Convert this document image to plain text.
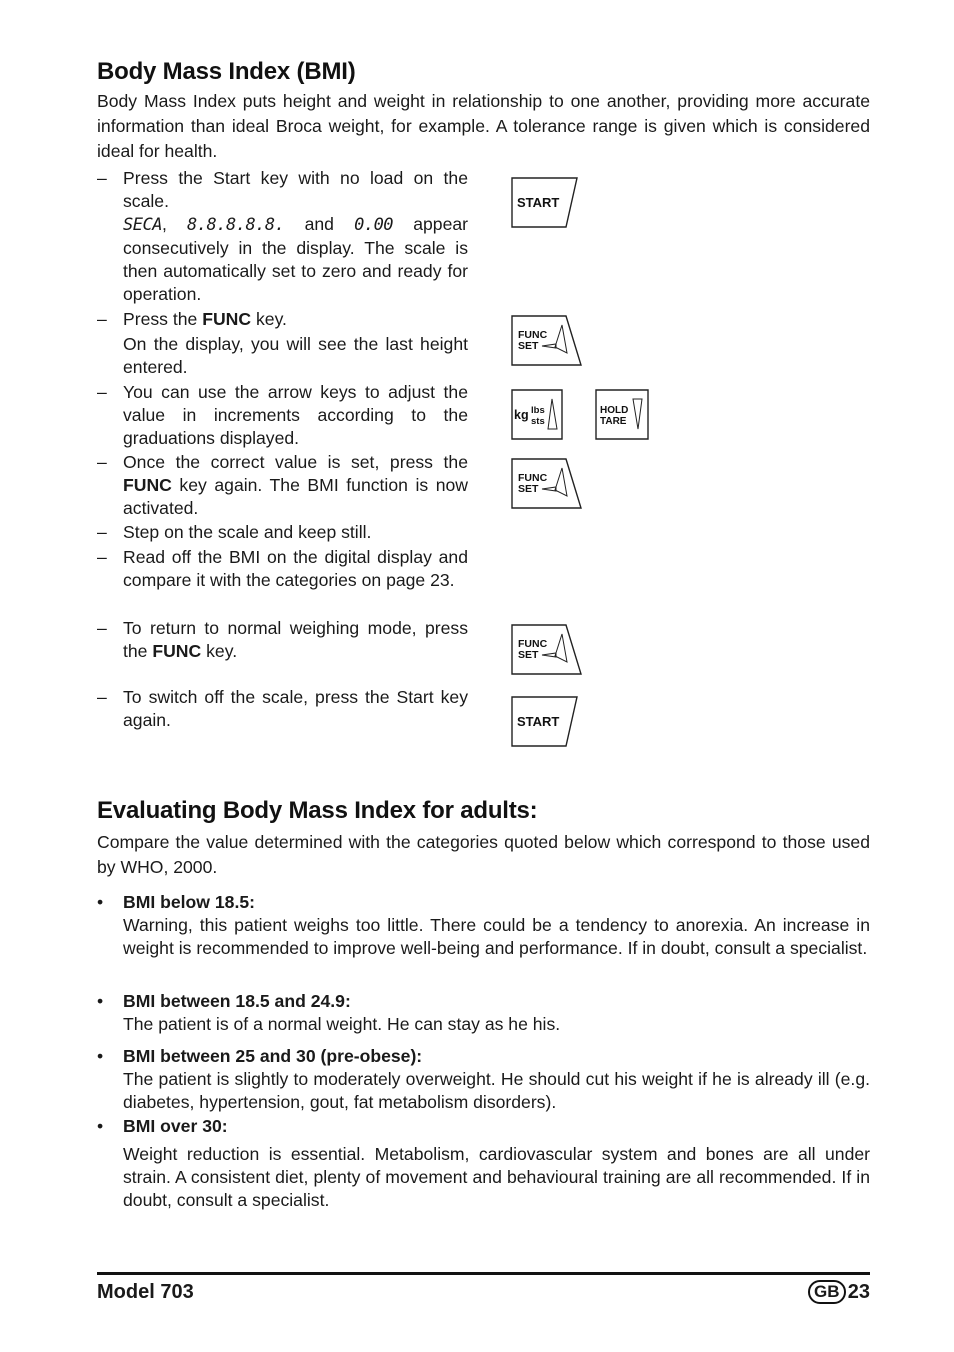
Body Mass Index (BMI)
Body Mass Index puts height and weight in relationship to one another, providing more accurate information than ideal Broca weight, for example. A tolerance range is given which is considered ideal for health.
– Press the Start key with no load on the scale.
SECA, 8.8.8.8.8. and 0.00 appear consecutively in the display. The scale is then automatically set to zero and ready for operation.
– Press the FUNC key.
On the display, you will see the last height entered.
– You can use the arrow keys to adjust the value in increments according to the graduations displayed.
– Once the correct value is set, press the FUNC key again. The BMI function is now activated.
– Step on the scale and keep still.
– Read off the BMI on the digital display and compare it with the categories on page 23.
– To return to normal weighing mode, press the FUNC key.
– To switch off the scale, press the Start key again.
START
FUNC
SET
kg lbs
sts
HOLD
TARE
FUNC
SET
FUNC
SET
START
Evaluating Body Mass Index for adults:
Compare the value determined with the categories quoted below which correspond to those used by WHO, 2000.
• BMI below 18.5:
Warning, this patient weighs too little. There could be a tendency to anorexia. An increase in weight is recommended to improve well-being and performance. If in doubt, consult a specialist.
• BMI between 18.5 and 24.9:
The patient is of a normal weight. He can stay as he his.
• BMI between 25 and 30 (pre-obese):
The patient is slightly to moderately overweight. He should cut his weight if he is already ill (e.g. diabetes, hypertension, gout, fat metabolism disorders).
• BMI over 30:
Weight reduction is essential. Metabolism, cardiovascular system and bones are all under strain. A consistent diet, plenty of movement and behavioural training are all recommended. If in doubt, consult a specialist.
Model 703	GB 23
